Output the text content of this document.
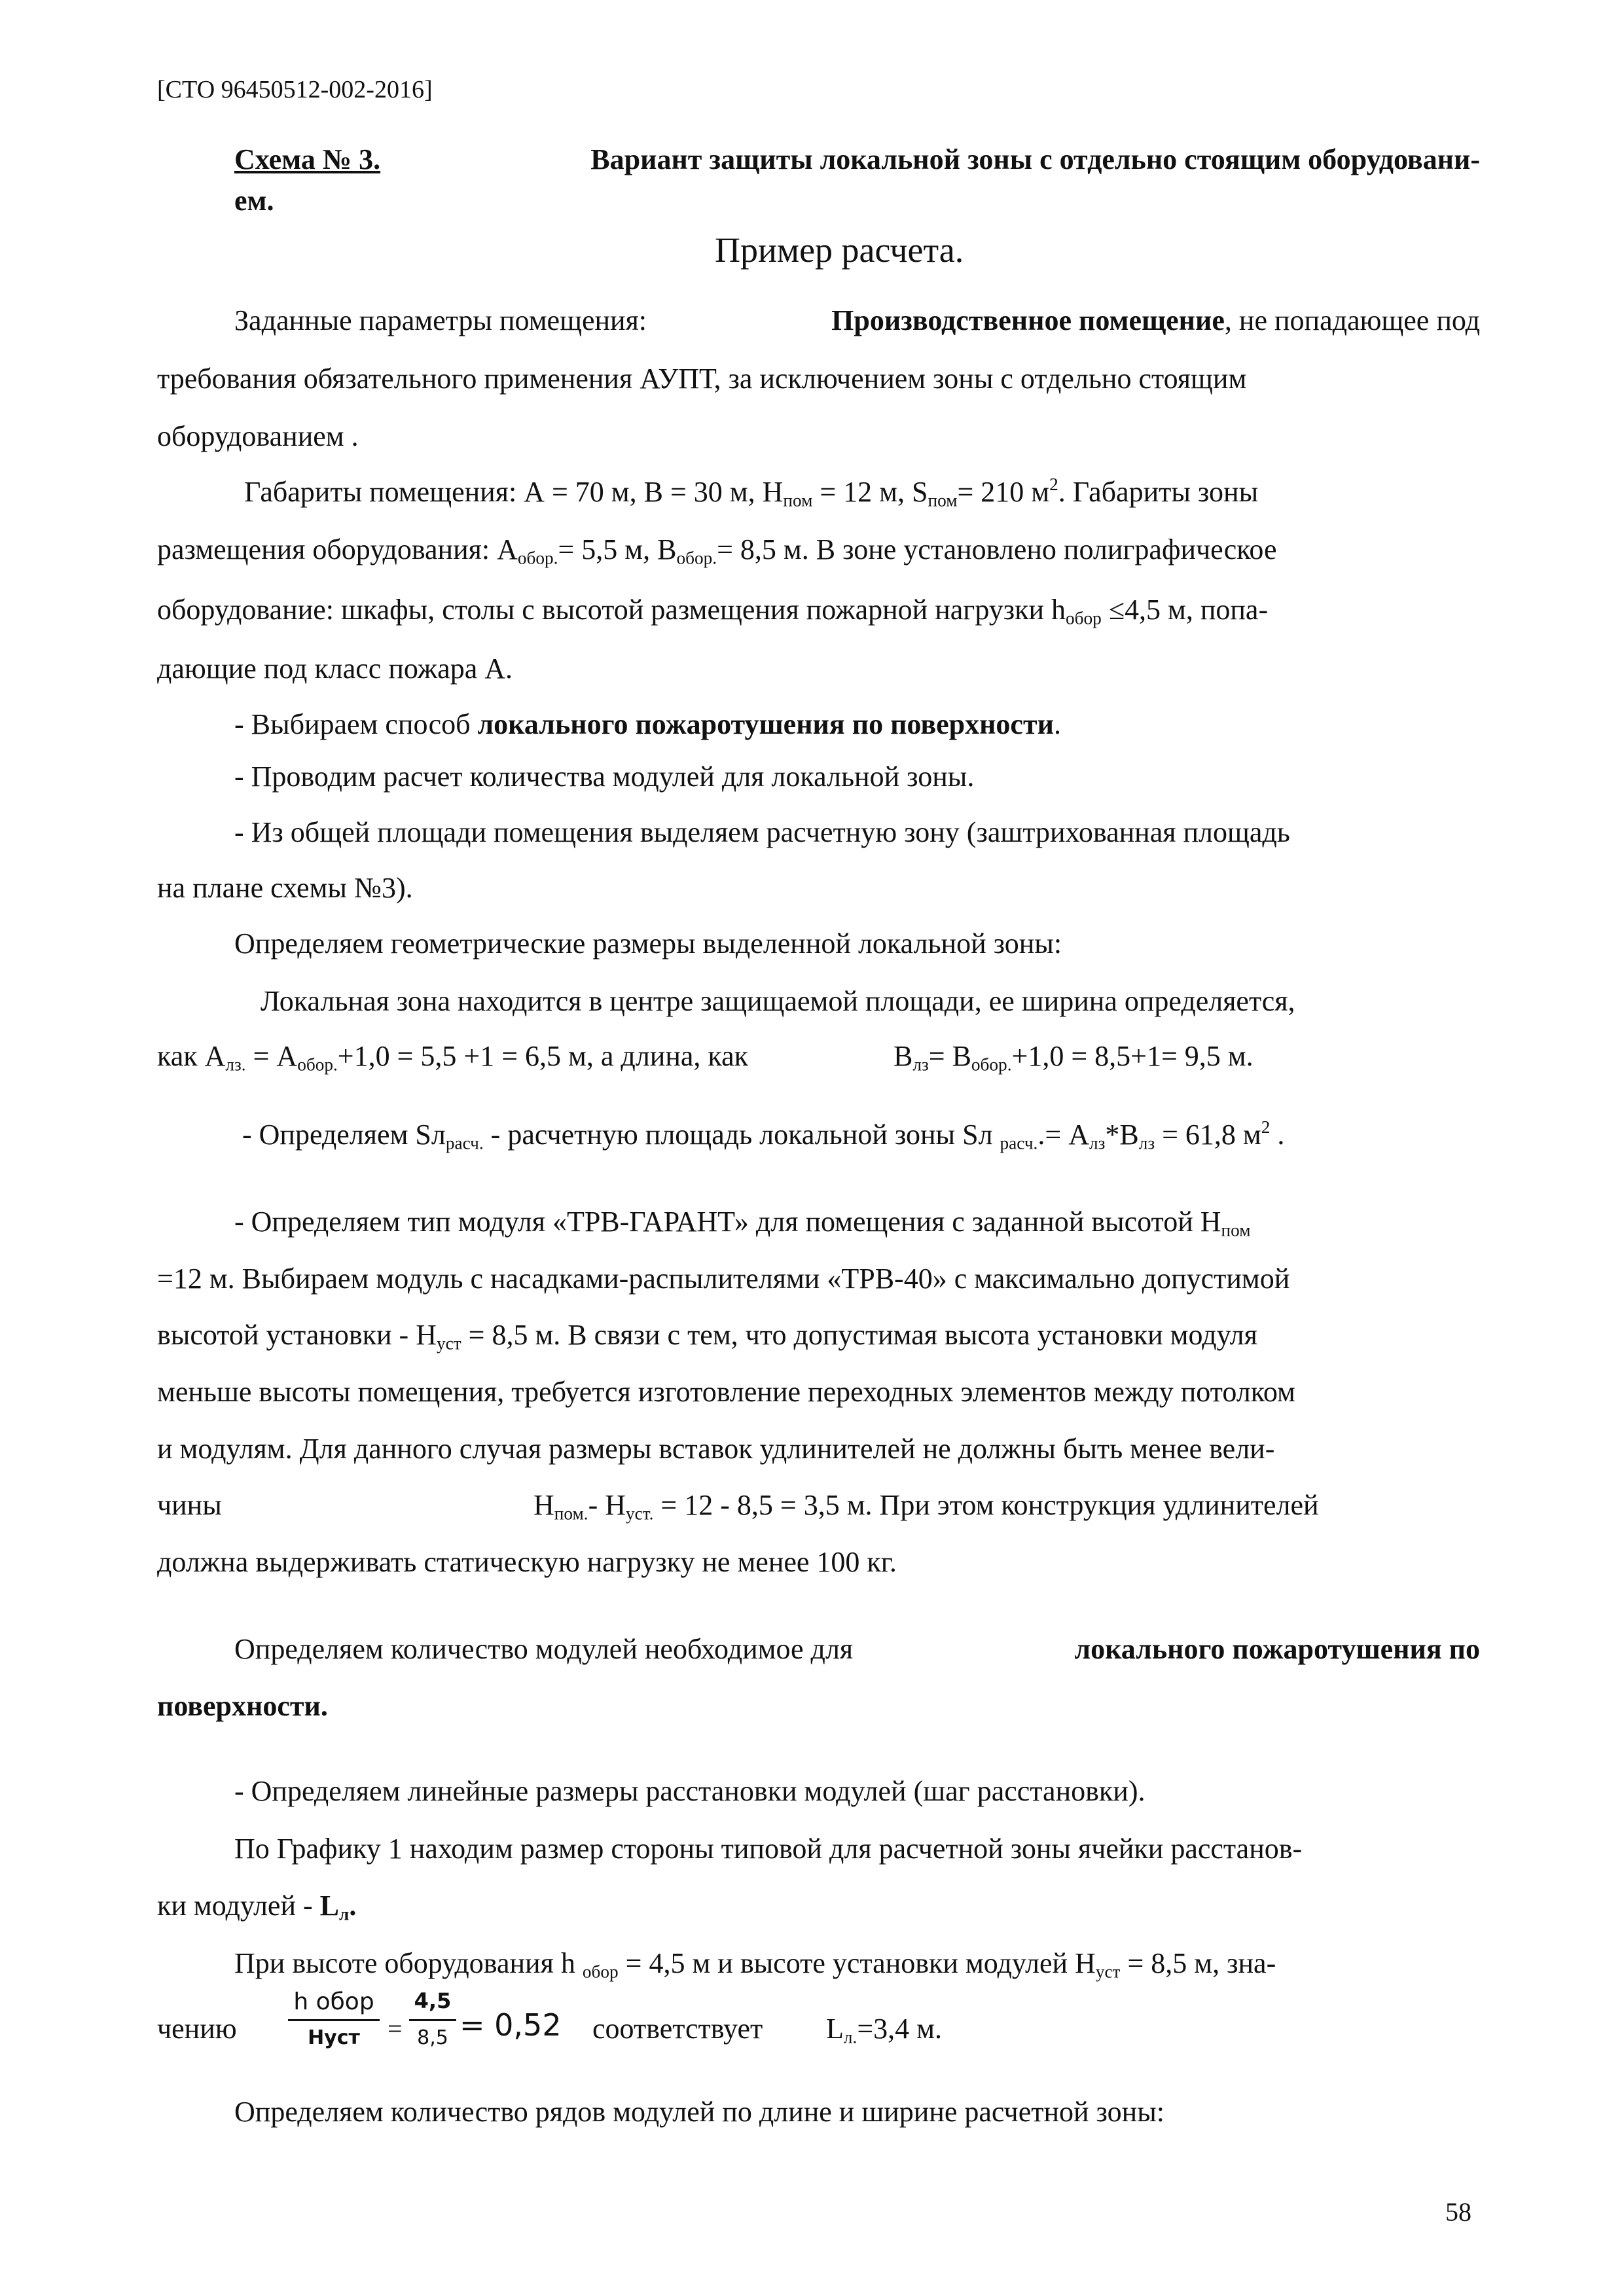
[СТО 96450512-002-2016]
Схема № 3.	Вариант защиты локальной зоны с отдельно стоящим оборудовани-
ем.
Пример расчета.
Заданные параметры помещения:	Производственное помещение, не попадающее под
требования обязательного применения АУПТ, за исключением зоны с отдельно стоящим
оборудованием .
Габариты помещения: А = 70 м, В = 30 м, $Н_{пом} = 12$ м, $S_{пом}= 210$ $м^2$. Габариты зоны
размещения оборудования: $А_{обор.}= 5,5$ м, $В_{обор.}= 8,5$ м. В зоне установлено полиграфическое
оборудование: шкафы, столы с высотой размещения пожарной нагрузки $h_{обор} \le 4,5$ м, попа-
дающие под класс пожара А.
- Выбираем способ локального пожаротушения по поверхности.
- Проводим расчет количества модулей для локальной зоны.
- Из общей площади помещения выделяем расчетную зону (заштрихованная площадь
на плане схемы №3).
Определяем геометрические размеры выделенной локальной зоны:
Локальная зона находится в центре защищаемой площади, ее ширина определяется,
как $А_{лз.} = А_{обор.}+1,0 = 5,5 +1 = 6,5$ м, а длина, как	$В_{лз}= В_{обор.}+1,0 = 8,5+1= 9,5$ м.
- Определяем $Sл_{расч.}$ - расчетную площадь локальной зоны Sл $_{расч.}.= А_{лз}*В_{лз} = 61,8$ $м^2$ .
- Определяем тип модуля «ТРВ-ГАРАНТ» для помещения с заданной высотой $Н_{пом}$
=12 м. Выбираем модуль с насадками-распылителями «ТРВ-40» с максимально допустимой
высотой установки - $Н_{уст} = 8,5$ м. В связи с тем, что допустимая высота установки модуля
меньше высоты помещения, требуется изготовление переходных элементов между потолком
и модулям. Для данного случая размеры вставок удлинителей не должны быть менее вели-
чины	$Н_{пом.}-$ $Н_{уст.} = 12 - 8,5 = 3,5$ м. При этом конструкция удлинителей
должна выдерживать статическую нагрузку не менее 100 кг.
Определяем количество модулей необходимое для	локального пожаротушения по
поверхности.
- Определяем линейные размеры расстановки модулей (шаг расстановки).
По Графику 1 находим размер стороны типовой для расчетной зоны ячейки расстанов-
ки модулей - $L_л$.
При высоте оборудования h $_{обор}$ = 4,5 м и высоте установки модулей $Н_{уст} = 8,5$ м, зна-
чению
h обор
Нуст	=
4,5
8,5 = 0,52 соответствует $L_{л.}=3,4$ м.
Определяем количество рядов модулей по длине и ширине расчетной зоны:
58
